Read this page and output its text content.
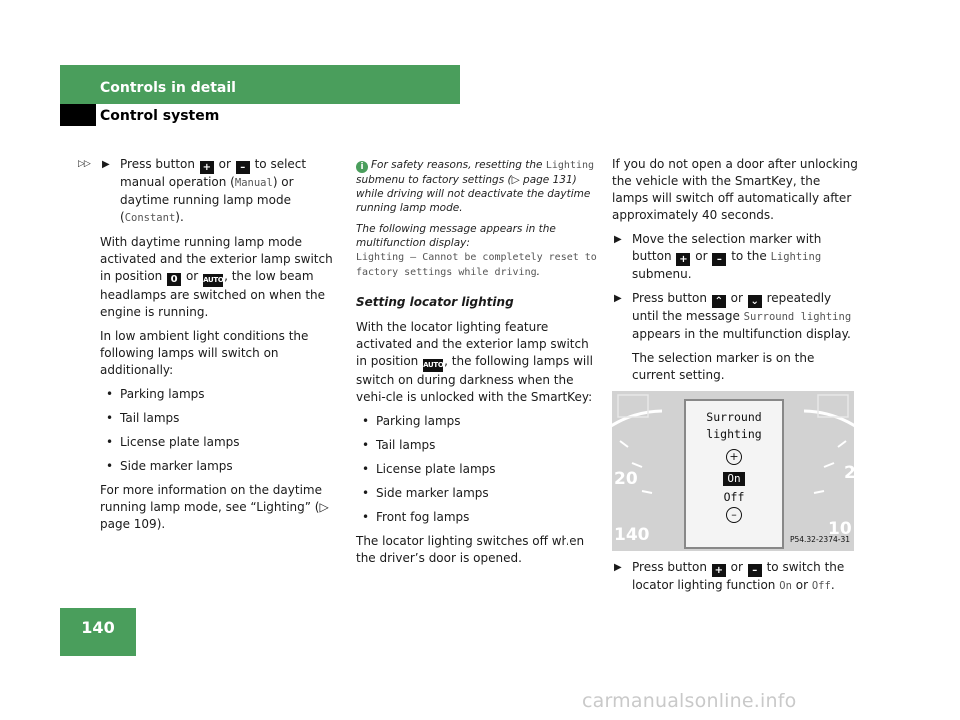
Controls in detail
Control system
▷▷ ▶ Press button + or – to select manual operation (Manual) or daytime running lamp mode (Constant).

With daytime running lamp mode activated and the exterior lamp switch in position 0 or AUTO, the low beam headlamps are switched on when the engine is running.

In low ambient light conditions the following lamps will switch on additionally:

• Parking lamps
• Tail lamps
• License plate lamps
• Side marker lamps

For more information on the daytime running lamp mode, see “Lighting” (▷ page 109).

i For safety reasons, resetting the Lighting submenu to factory settings (▷ page 131) while driving will not deactivate the daytime running lamp mode.
The following message appears in the multifunction display:
Lighting – Cannot be completely reset to factory settings while driving.
Setting locator lighting

With the locator lighting feature activated and the exterior lamp switch in position AUTO, the following lamps will switch on during darkness when the vehi-cle is unlocked with the SmartKey:

• Parking lamps
• Tail lamps
• License plate lamps
• Side marker lamps
• Front fog lamps

The locator lighting switches off when the driver’s door is opened.

If you do not open a door after unlocking the vehicle with the SmartKey, the lamps will switch off automatically after approximately 40 seconds.

▶ Move the selection marker with button + or – to the Lighting submenu.
▶ Press button ⌃ or ⌄ repeatedly until the message Surround lighting appears in the multifunction display.

The selection marker is on the current setting.

20
140
2
10
Surround
lighting
+
On
Off
–
P54.32-2374-31
▶ Press button + or – to switch the locator lighting function On or Off.
140
carmanualsonline.info
